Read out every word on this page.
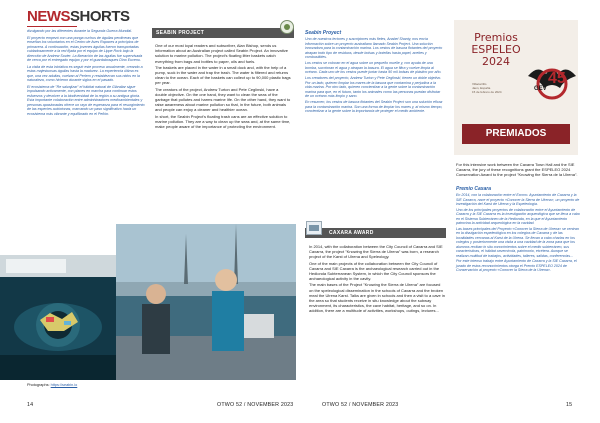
NEWSSHORTS

divulgando por las diferentes durante la Segunda Guerra Mundial.

El proyecto empezó con una ponga cuchus de águilas perdiceras que enseñan los voluntarios en el Centro de Aves Rapaces a principios de primavera. A continuación, estas jovenes águilas fueron transportadas cuidadosamente a la red fijada por el equipo de Lippe Rock bajo la dirección de Andrew Sovier. La liberación de las águilas fue supervisada de cerca por el entregado equipo y por el guardabosques Dino Euvenu.

La visita de esta iniciativa es seguir este proceso anualmente, creando a estas majestuosas águilas hasta la madurez. La experiencia última es que, una vez adultas, vuelvan al Perlem y restablezcan sus nidos en la naturaleza, como hicieron durante siglos en el pasado.

El ecosistema de "Re salvajizar" el hábitat natural de Gibraltar sigue impulsando activamente, con planes en marcha para continuar estos esfuerzos y devolver a la biodiversidad de la región a su antigua gloria. Esta importante colaboración entre administradores medioambientales y personas apasionadas ofrece un rayo de esperanza para el resurgimiento de las especies autóctonas, marcando un paso significativo hacia un ecosistema más vibrante y equilibrado en el Peñón.

SEABIN PROJECT

One of our most loyal readers and subscriber, Alan Bishop, sends us information about an Australian project called Seabin Project. An innovative solution to marine pollution. The project's floating litter baskets catch everything from bags and bottles to paper, oils and fuels.

The baskets are placed in the water in a small dock and, with the help of a pump, suck in the water and trap the trash. The water is filtered and returns clean to the ocean. Each of the baskets can collect up to 90,000 plastic bags per year.

The creators of the project, Andrew Turton and Pete Ceglinski, have a double objective. On the one hand, they want to clean the seas of the garbage that pollutes and harms marine life. On the other hand, they want to raise awareness about marine pollution so that, in the future, both animals and people can enjoy a cleaner and healthier ocean.

In short, the Seabin Project's floating trash cans are an effective solution to marine pollution. They are a way to clean up the seas and, at the same time, make people aware of the importance of protecting the environment.

Photographs: https://seabin.io
14	OTWO 52 / NOVEMBER 2023
Seabin Proyect

Uno de nuestros lectores y suscriptores más fieles, Anabel Shanty, nos envía información sobre un proyecto australiano llamado Seabin Project. Una solución innovadora para la contaminación marina. Los cestos de basura flotantes del proyecto atrapan todo tipo de residuos, desde bolsas y botellas hasta papel, aceites y combustibles.

Los cestos se colocan en el agua sobre un pequeño muelle y, con ayuda de una bomba, succionan el agua y atrapan la basura. El agua se filtra y vuelve limpia al océano. Cada uno de los cestos puede juntar hasta 90 mil bolsas de plástico por año.

Los creadores del proyecto, Andrew Turton y Pete Ceglinski, tienen un doble objetivo. Por un lado, quieren limpiar los mares de la basura que contamina y perjudica a la vida marina. Por otro lado, quieren concientizar a la gente sobre la contaminación marina para que, en el futuro, tanto los animales como las personas puedan disfrutar de un océano más limpio y sano.

En resumen, los cestos de basura flotantes del Seabin Project son una solución eficaz para la contaminación marina. Son una forma de limpiar los mares y, al mismo tiempo, concientizar a la gente sobre la importancia de proteger el medio ambiente.

CAXARA AWARD

In 2014, with the collaboration between the City Council of Caxarra and SIE Caxarra, the project "Knowing the Sierra de Ulrena" was born, a research project of the Karst of Ulrena and Speleology.

One of the main projects of the collaboration between the City Council of Caxarra and SIE Caxarra is the archaeological research carried out in the Hedionda Subterranean System, in which the City Council sponsors the archaeological activity in the cavity.

The main bases of the Project "Knowing the Sierra de Ulrena" are focused on the speleological dissemination in the schools of Caxarra and the broken meal the Ulrena Karst. Talks are given in schools and then a visit to a cave in the area so that students receive in situ knowledge about the subway environment, its characteristics, the cave habitat, heritage, and so on. In addition, there are a multitude of activities, workshops, outings, lectures...

Premios
ESPELEO
2024
Villacarrillo
Jaén, España
15 de febrero de 2024	GEV
45
PREMIADOS
For this intensive work between the Caxarra Town Hall and the SIE Caxarra, the jury of these recognitions grant the ESPELEO 2024 Conservation Award to the project "Knowing the Sierra de la Ulrena".
Premio Caxara

En 2014, con la colaboración entre el Excmo. Ayuntamiento de Caxarra y la SIE Caxarra, nace el proyecto «Conocer la Sierra de Ulrena», un proyecto de investigación del Karst de Ulrena y la Espeleología.

Uno de los principales proyectos de colaboración entre el Ayuntamiento de Caxarra y la SIE Caxarra es la investigación arqueológica que se lleva a cabo en el Sistema Subterráneo de la Hedionda, en la que el Ayuntamiento patrocina la actividad arqueológica en la cavidad.

Las bases principales del Proyecto «Conocer la Sierra de Ulrena» se centran en la divulgación espeleológica en los colegios de Caxarra y de las localidades cercanas al Karst de la Ulrena. Se llevan a cabo charlas en los colegios y posteriormente una visita a una cavidad de la zona para que los alumnos reciban in situ conocimientos sobre el medio subterráneo, sus características, el hábitat cavernícola, patrimonio, etcétera. Aunque se realizan multitud de trabajos, actividades, talleres, salidas, conferencias...

Por este intenso trabajo entre Ayuntamiento de Caxarra y la SIE Caxarra, el jurado de estos reconocimientos otorga el Premio ESPELEO 2024 de Conservación al proyecto «Conocer la Sierra de la Ulrena».

OTWO 52 / NOVEMBER 2023	15
